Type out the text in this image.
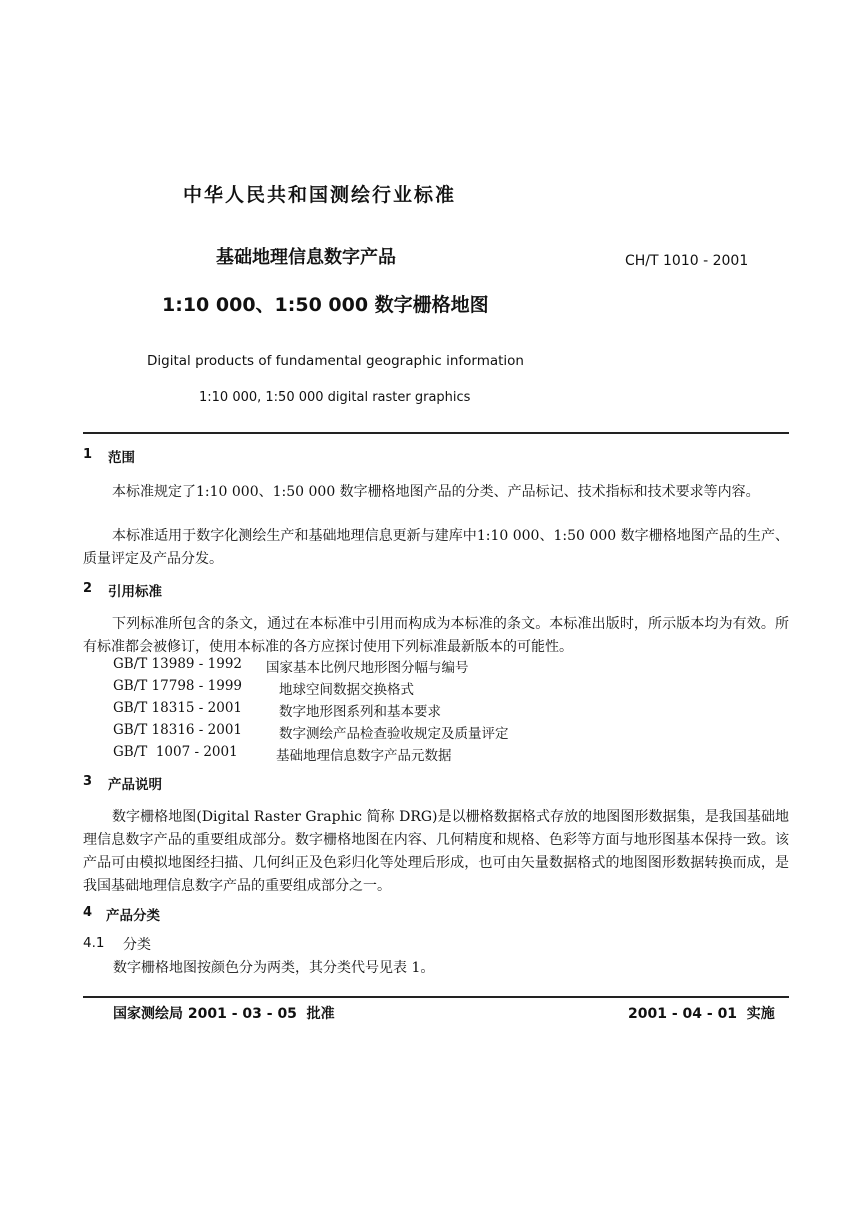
中华人民共和国测绘行业标准
基础地理信息数字产品	CH/T 1010 - 2001
1:10 000、1:50 000 数字栅格地图
Digital products of fundamental geographic information
1:10 000, 1:50 000 digital raster graphics
1 范围
本标准规定了1:10 000、1:50 000 数字栅格地图产品的分类、产品标记、技术指标和技术要求等内容。
本标准适用于数字化测绘生产和基础地理信息更新与建库中1:10 000、1:50 000 数字栅格地图产品的生产、质量评定及产品分发。
2 引用标准
下列标准所包含的条文，通过在本标准中引用而构成为本标准的条文。本标准出版时，所示版本均为有效。所有标准都会被修订，使用本标准的各方应探讨使用下列标准最新版本的可能性。
GB/T 13989 - 1992 国家基本比例尺地形图分幅与编号
GB/T 17798 - 1999	地球空间数据交换格式
GB/T 18315 - 2001	数字地形图系列和基本要求
GB/T 18316 - 2001	数字测绘产品检查验收规定及质量评定
GB/T  1007 - 2001	基础地理信息数字产品元数据
3 产品说明
数字栅格地图(Digital Raster Graphic 简称 DRG)是以栅格数据格式存放的地图图形数据集，是我国基础地理信息数字产品的重要组成部分。数字栅格地图在内容、几何精度和规格、色彩等方面与地形图基本保持一致。该产品可由模拟地图经扫描、几何纠正及色彩归化等处理后形成，也可由矢量数据格式的地图图形数据转换而成，是我国基础地理信息数字产品的重要组成部分之一。
4 产品分类
4.1 分类
数字栅格地图按颜色分为两类，其分类代号见表 1。
国家测绘局 2001 - 03 - 05  批准	2001 - 04 - 01  实施
